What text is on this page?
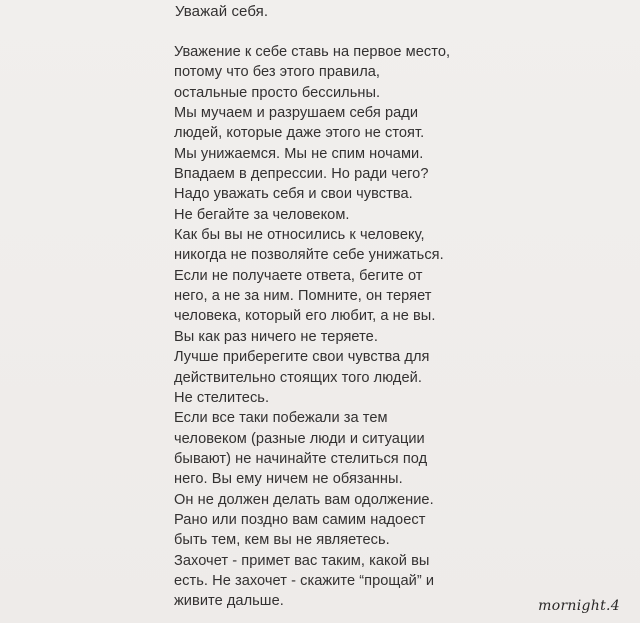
Уважай себя.
Уважение к себе ставь на первое место,
потому что без этого правила,
остальные просто бессильны.
Мы мучаем и разрушаем себя ради
людей, которые даже этого не стоят.
Мы унижаемся. Мы не спим ночами.
Впадаем в депрессии. Но ради чего?
Надо уважать себя и свои чувства.
Не бегайте за человеком.
Как бы вы не относились к человеку,
никогда не позволяйте себе унижаться.
Если не получаете ответа, бегите от
него, а не за ним. Помните, он теряет
человека, который его любит, а не вы.
Вы как раз ничего не теряете.
Лучше приберегите свои чувства для
действительно стоящих того людей.
Не стелитесь.
Если все таки побежали за тем
человеком (разные люди и ситуации
бывают) не начинайте стелиться под
него. Вы ему ничем не обязанны.
Он не должен делать вам одолжение.
Рано или поздно вам самим надоест
быть тем, кем вы не являетесь.
Захочет - примет вас таким, какой вы
есть. Не захочет - скажите “прощай” и
живите дальше.	mornight.4
